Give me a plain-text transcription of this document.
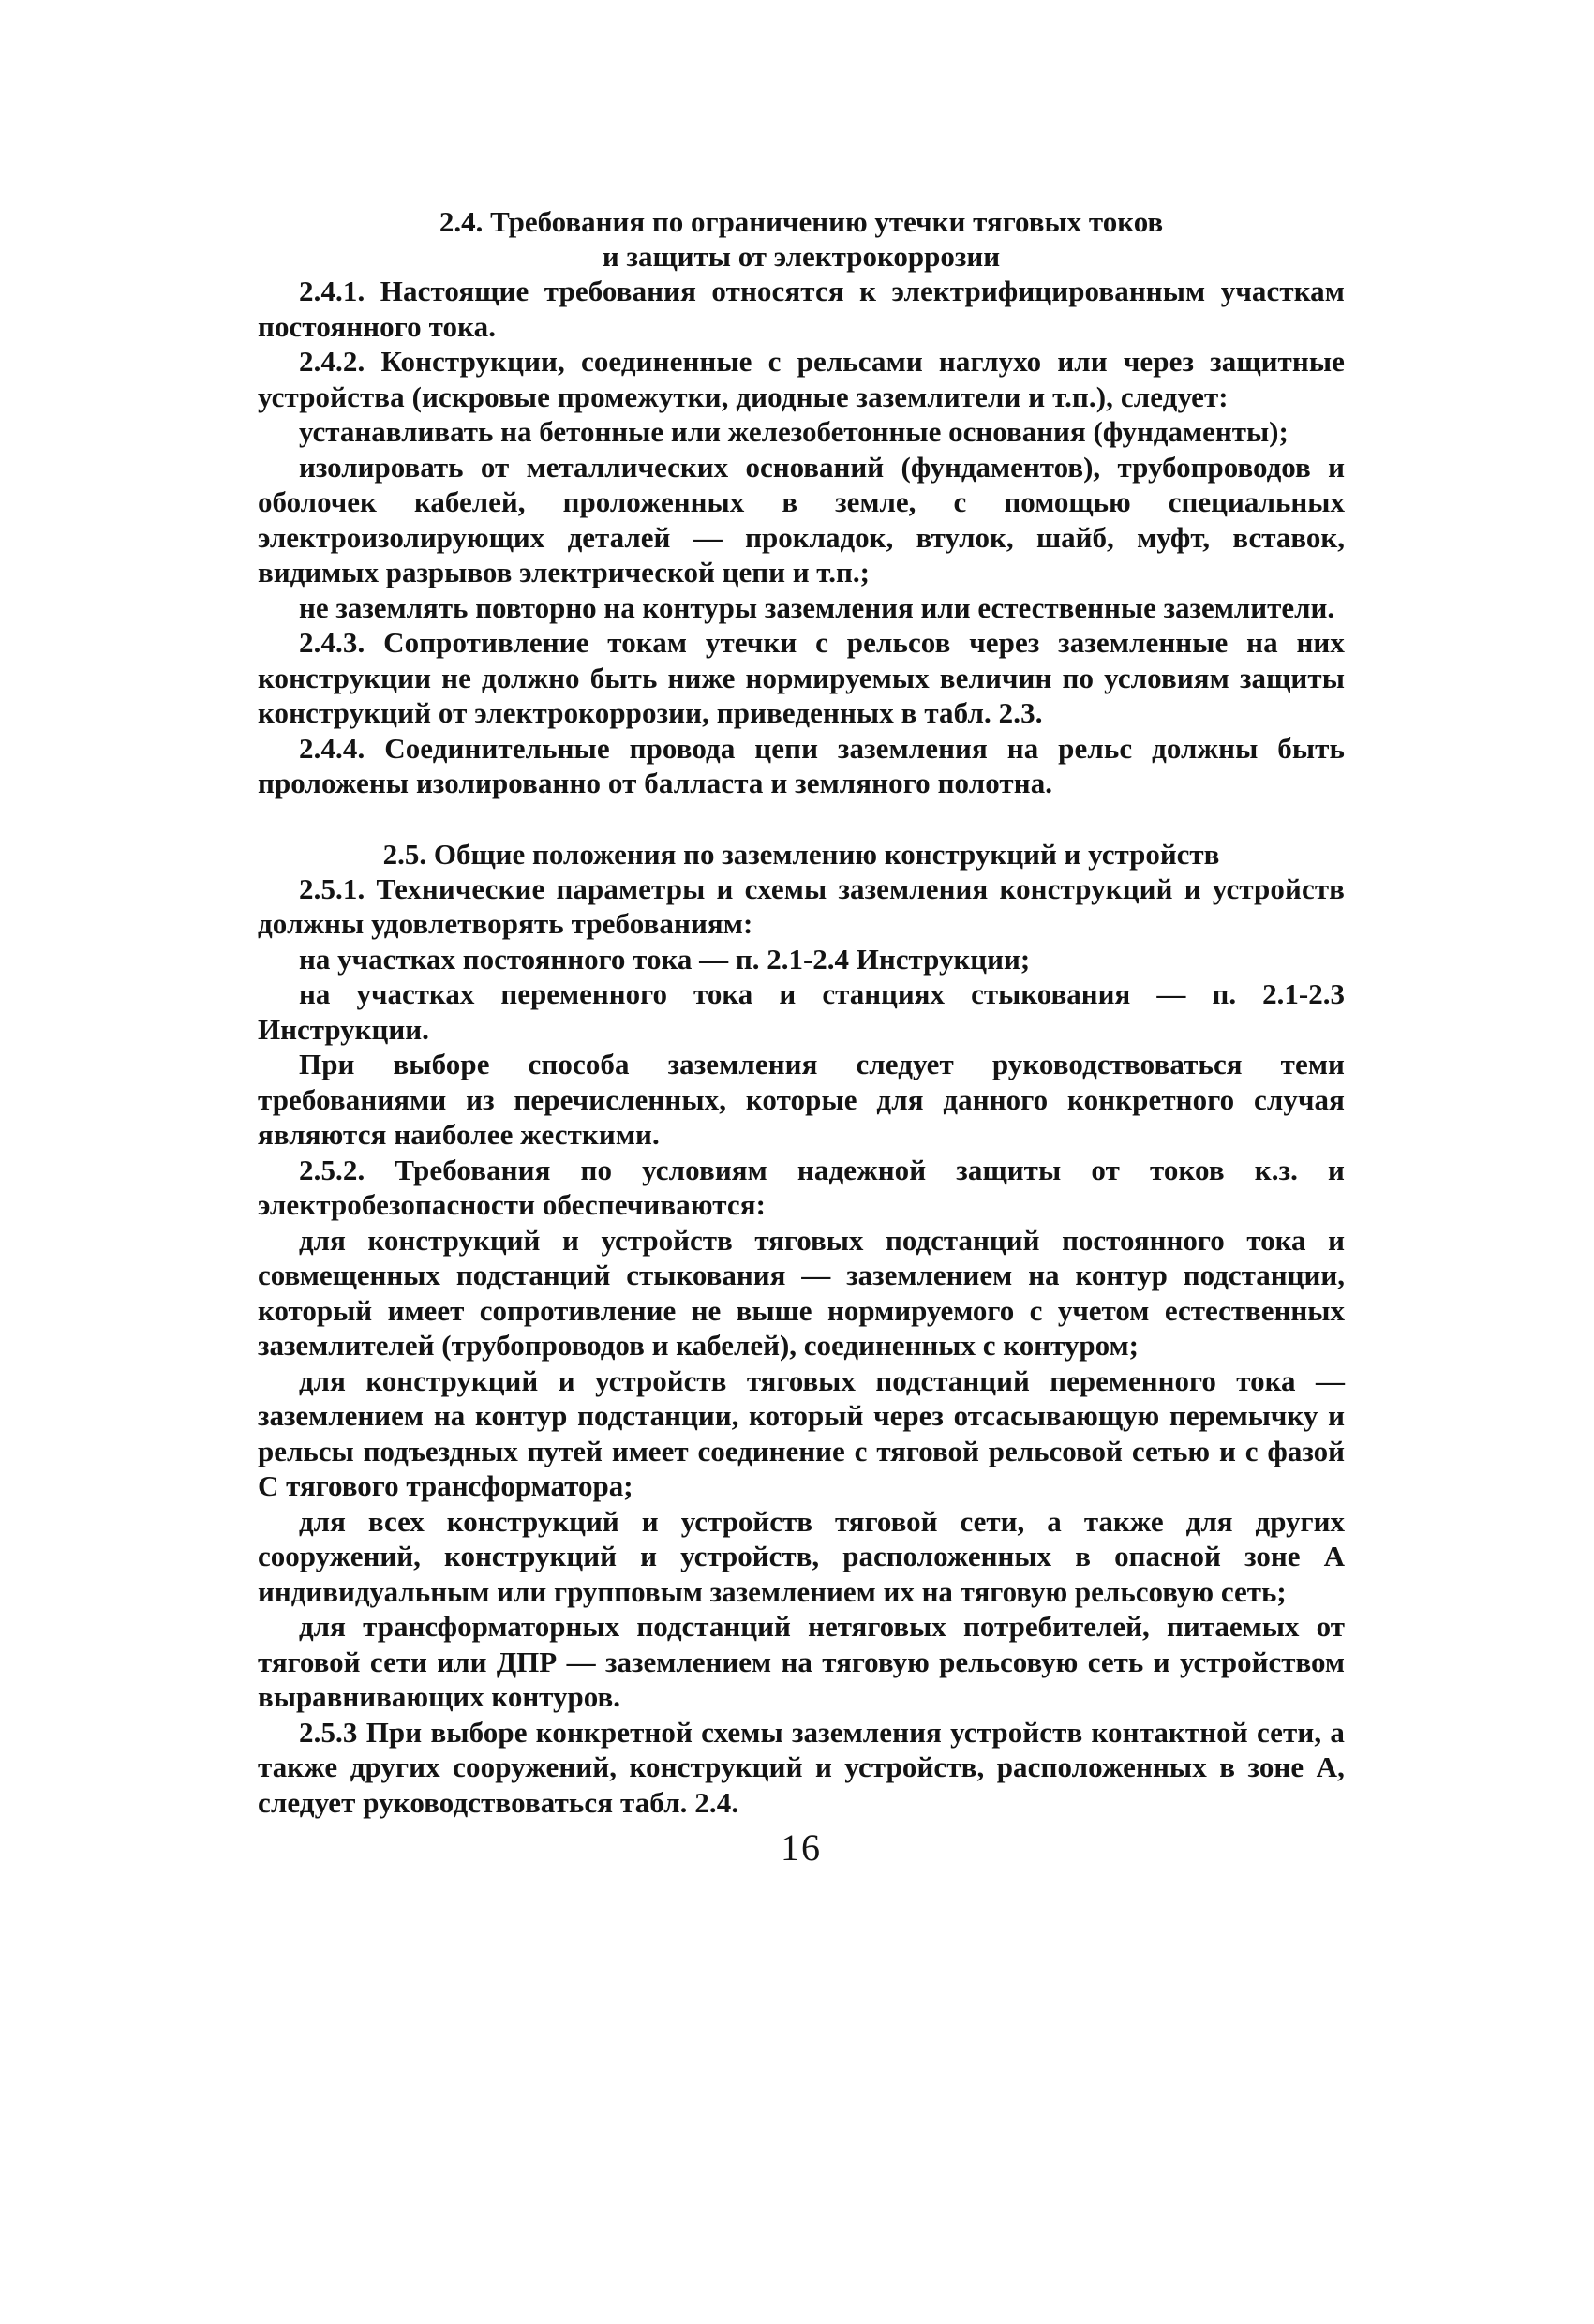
2.4. Требования по ограничению утечки тяговых токов
и защиты от электрокоррозии

2.4.1. Настоящие требования относятся к электрифицированным участкам постоянного тока.

2.4.2. Конструкции, соединенные с рельсами наглухо или через защитные устройства (искровые промежутки, диодные заземлители и т.п.), следует:

устанавливать на бетонные или железобетонные основания (фундаменты);

изолировать от металлических оснований (фундаментов), трубопроводов и оболочек кабелей, проложенных в земле, с помощью специальных электроизолирующих деталей — прокладок, втулок, шайб, муфт, вставок, видимых разрывов электрической цепи и т.п.;

не заземлять повторно на контуры заземления или естественные заземлители.

2.4.3. Сопротивление токам утечки с рельсов через заземленные на них конструкции не должно быть ниже нормируемых величин по условиям защиты конструкций от электрокоррозии, приведенных в табл. 2.3.

2.4.4. Соединительные провода цепи заземления на рельс должны быть проложены изолированно от балласта и земляного полотна.

2.5. Общие положения по заземлению конструкций и устройств

2.5.1. Технические параметры и схемы заземления конструкций и устройств должны удовлетворять требованиям:

на участках постоянного тока — п. 2.1-2.4 Инструкции;

на участках переменного тока и станциях стыкования — п. 2.1-2.3 Инструкции.

При выборе способа заземления следует руководствоваться теми требованиями из перечисленных, которые для данного конкретного случая являются наиболее жесткими.

2.5.2. Требования по условиям надежной защиты от токов к.з. и электробезопасности обеспечиваются:

для конструкций и устройств тяговых подстанций постоянного тока и совмещенных подстанций стыкования — заземлением на контур подстанции, который имеет сопротивление не выше нормируемого с учетом естественных заземлителей (трубопроводов и кабелей), соединенных с контуром;

для конструкций и устройств тяговых подстанций переменного тока — заземлением на контур подстанции, который через отсасывающую перемычку и рельсы подъездных путей имеет соединение с тяговой рельсовой сетью и с фазой С тягового трансформатора;

для всех конструкций и устройств тяговой сети, а также для других сооружений, конструкций и устройств, расположенных в опасной зоне А индивидуальным или групповым заземлением их на тяговую рельсовую сеть;

для трансформаторных подстанций нетяговых потребителей, питаемых от тяговой сети или ДПР — заземлением на тяговую рельсовую сеть и устройством выравнивающих контуров.

2.5.3 При выборе конкретной схемы заземления устройств контактной сети, а также других сооружений, конструкций и устройств, расположенных в зоне А, следует руководствоваться табл. 2.4.

16
